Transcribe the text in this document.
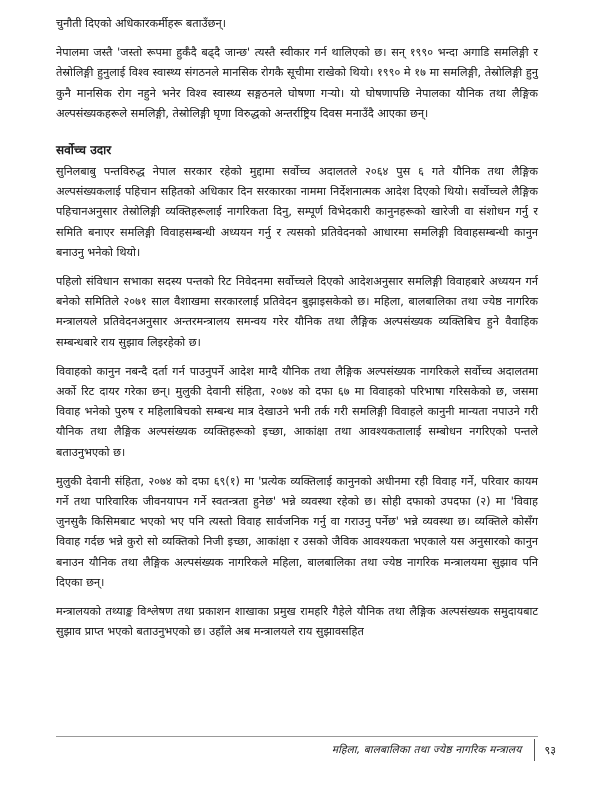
चुनौती दिएको अधिकारकर्मीहरू बताउँछन्।

नेपालमा जस्तै 'जस्तो रूपमा हुर्कँदै बढ्दै जान्छ' त्यस्तै स्वीकार गर्न थालिएको छ। सन् १९९० भन्दा अगाडि समलिङ्गी र तेस्रोलिङ्गी हुनुलाई विश्व स्वास्थ्य संगठनले मानसिक रोगकै सूचीमा राखेको थियो। १९९० मे १७ मा समलिङ्गी, तेस्रोलिङ्गी हुनु कुनै मानसिक रोग नहुने भनेर विश्व स्वास्थ्य सङ्गठनले घोषणा गऱ्यो। यो घोषणापछि नेपालका यौनिक तथा लैङ्गिक अल्पसंख्यकहरूले समलिङ्गी, तेस्रोलिङ्गी घृणा विरुद्धको अन्तर्राष्ट्रिय दिवस मनाउँदै आएका छन्।

सर्वोच्च उदार

सुनिलबाबु पन्तविरुद्ध नेपाल सरकार रहेको मुद्दामा सर्वोच्च अदालतले २०६४ पुस ६ गते यौनिक तथा लैङ्गिक अल्पसंख्यकलाई पहिचान सहितको अधिकार दिन सरकारका नाममा निर्देशनात्मक आदेश दिएको थियो। सर्वोच्चले लैङ्गिक पहिचानअनुसार तेस्रोलिङ्गी व्यक्तिहरूलाई नागरिकता दिनु, सम्पूर्ण विभेदकारी कानुनहरूको खारेजी वा संशोधन गर्नु र समिति बनाएर समलिङ्गी विवाहसम्बन्धी अध्ययन गर्नु र त्यसको प्रतिवेदनको आधारमा समलिङ्गी विवाहसम्बन्धी कानुन बनाउनु भनेको थियो।

पहिलो संविधान सभाका सदस्य पन्तको रिट निवेदनमा सर्वोच्चले दिएको आदेशअनुसार समलिङ्गी विवाहबारे अध्ययन गर्न बनेको समितिले २०७१ साल वैशाखमा सरकारलाई प्रतिवेदन बुझाइसकेको छ। महिला, बालबालिका तथा ज्येष्ठ नागरिक मन्त्रालयले प्रतिवेदनअनुसार अन्तरमन्त्रालय समन्वय गरेर यौनिक तथा लैङ्गिक अल्पसंख्यक व्यक्तिबिच हुने वैवाहिक सम्बन्धबारे राय सुझाव लिइरहेको छ।

विवाहको कानुन नबन्दै दर्ता गर्न पाउनुपर्ने आदेश माग्दै यौनिक तथा लैङ्गिक अल्पसंख्यक नागरिकले सर्वोच्च अदालतमा अर्को रिट दायर गरेका छन्। मुलुकी देवानी संहिता, २०७४ को दफा ६७ मा विवाहको परिभाषा गरिसकेको छ, जसमा विवाह भनेको पुरुष र महिलाबिचको सम्बन्ध मात्र देखाउने भनी तर्क गरी समलिङ्गी विवाहले कानुनी मान्यता नपाउने गरी यौनिक तथा लैङ्गिक अल्पसंख्यक व्यक्तिहरूको इच्छा, आकांक्षा तथा आवश्यकतालाई सम्बोधन नगरिएको पन्तले बताउनुभएको छ।

मुलुकी देवानी संहिता, २०७४ को दफा ६९(१) मा 'प्रत्येक व्यक्तिलाई कानुनको अधीनमा रही विवाह गर्ने, परिवार कायम गर्ने तथा पारिवारिक जीवनयापन गर्ने स्वतन्त्रता हुनेछ' भन्ने व्यवस्था रहेको छ। सोही दफाको उपदफा (२) मा 'विवाह जुनसुकै किसिमबाट भएको भए पनि त्यस्तो विवाह सार्वजनिक गर्नु वा गराउनु पर्नेछ' भन्ने व्यवस्था छ। व्यक्तिले कोसँग विवाह गर्दछ भन्ने कुरो सो व्यक्तिको निजी इच्छा, आकांक्षा र उसको जैविक आवश्यकता भएकाले यस अनुसारको कानुन बनाउन यौनिक तथा लैङ्गिक अल्पसंख्यक नागरिकले महिला, बालबालिका तथा ज्येष्ठ नागरिक मन्त्रालयमा सुझाव पनि दिएका छन्।

मन्त्रालयको तथ्याङ्क विश्लेषण तथा प्रकाशन शाखाका प्रमुख रामहरि गैहेले यौनिक तथा लैङ्गिक अल्पसंख्यक समुदायबाट सुझाव प्राप्त भएको बताउनुभएको छ। उहाँले अब मन्त्रालयले राय सुझावसहित

महिला, बालबालिका तथा ज्येष्ठ नागरिक मन्त्रालय	९३
